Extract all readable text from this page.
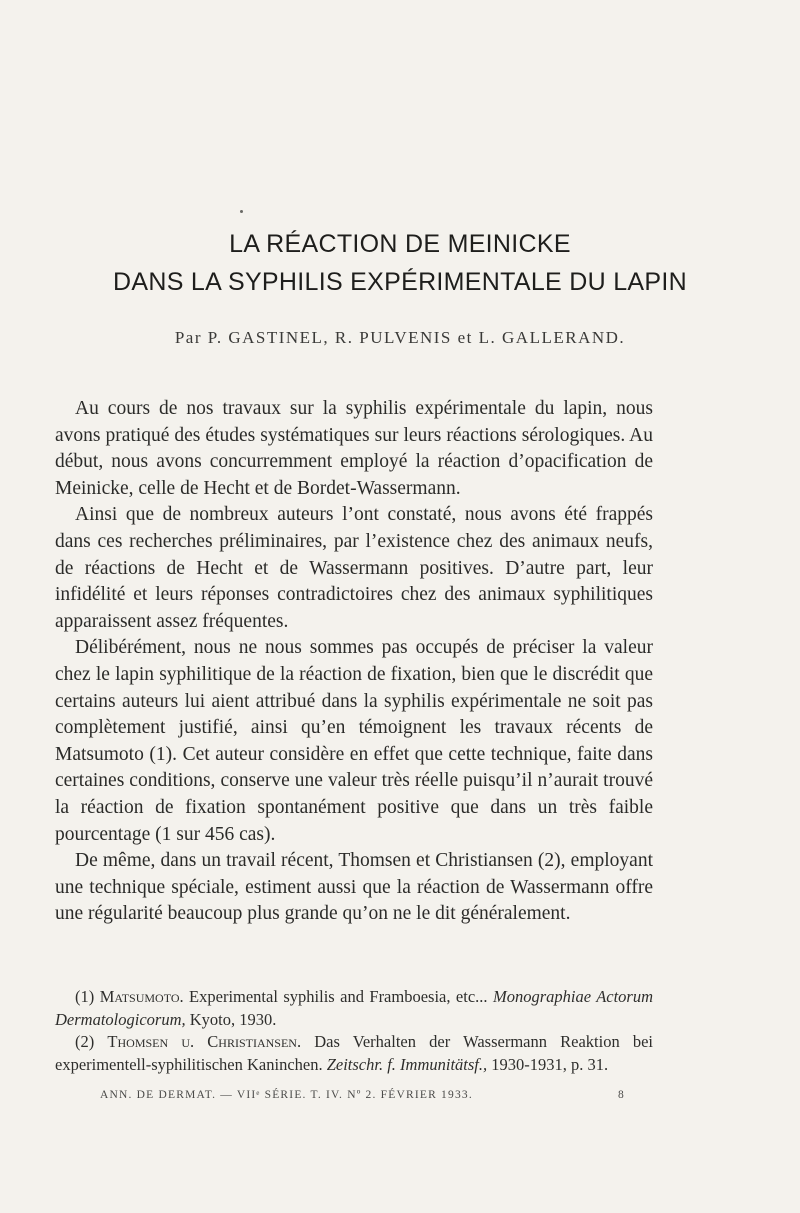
LA RÉACTION DE MEINICKE
DANS LA SYPHILIS EXPÉRIMENTALE DU LAPIN
Par P. GASTINEL, R. PULVENIS et L. GALLERAND.

Au cours de nos travaux sur la syphilis expérimentale du lapin, nous avons pratiqué des études systématiques sur leurs réactions sérologiques. Au début, nous avons concurremment employé la réaction d’opacification de Meinicke, celle de Hecht et de Bordet-Wassermann.

Ainsi que de nombreux auteurs l’ont constaté, nous avons été frappés dans ces recherches préliminaires, par l’existence chez des animaux neufs, de réactions de Hecht et de Wassermann positives. D’autre part, leur infidélité et leurs réponses contradictoires chez des animaux syphilitiques apparaissent assez fréquentes.

Délibérément, nous ne nous sommes pas occupés de préciser la valeur chez le lapin syphilitique de la réaction de fixation, bien que le discrédit que certains auteurs lui aient attribué dans la syphilis expérimentale ne soit pas complètement justifié, ainsi qu’en témoignent les travaux récents de Matsumoto (1). Cet auteur considère en effet que cette technique, faite dans certaines conditions, conserve une valeur très réelle puisqu’il n’aurait trouvé la réaction de fixation spontanément positive que dans un très faible pourcentage (1 sur 456 cas).

De même, dans un travail récent, Thomsen et Christiansen (2), employant une technique spéciale, estiment aussi que la réaction de Wassermann offre une régularité beaucoup plus grande qu’on ne le dit généralement.

(1) Matsumoto. Experimental syphilis and Framboesia, etc... Monographiae Actorum Dermatologicorum, Kyoto, 1930.

(2) Thomsen u. Christiansen. Das Verhalten der Wassermann Reaktion bei experimentell-syphilitischen Kaninchen. Zeitschr. f. Immunitätsf., 1930-1931, p. 31.

ANN. DE DERMAT. — VIIᵉ SÉRIE. T. IV. Nº 2. FÉVRIER 1933.	8
